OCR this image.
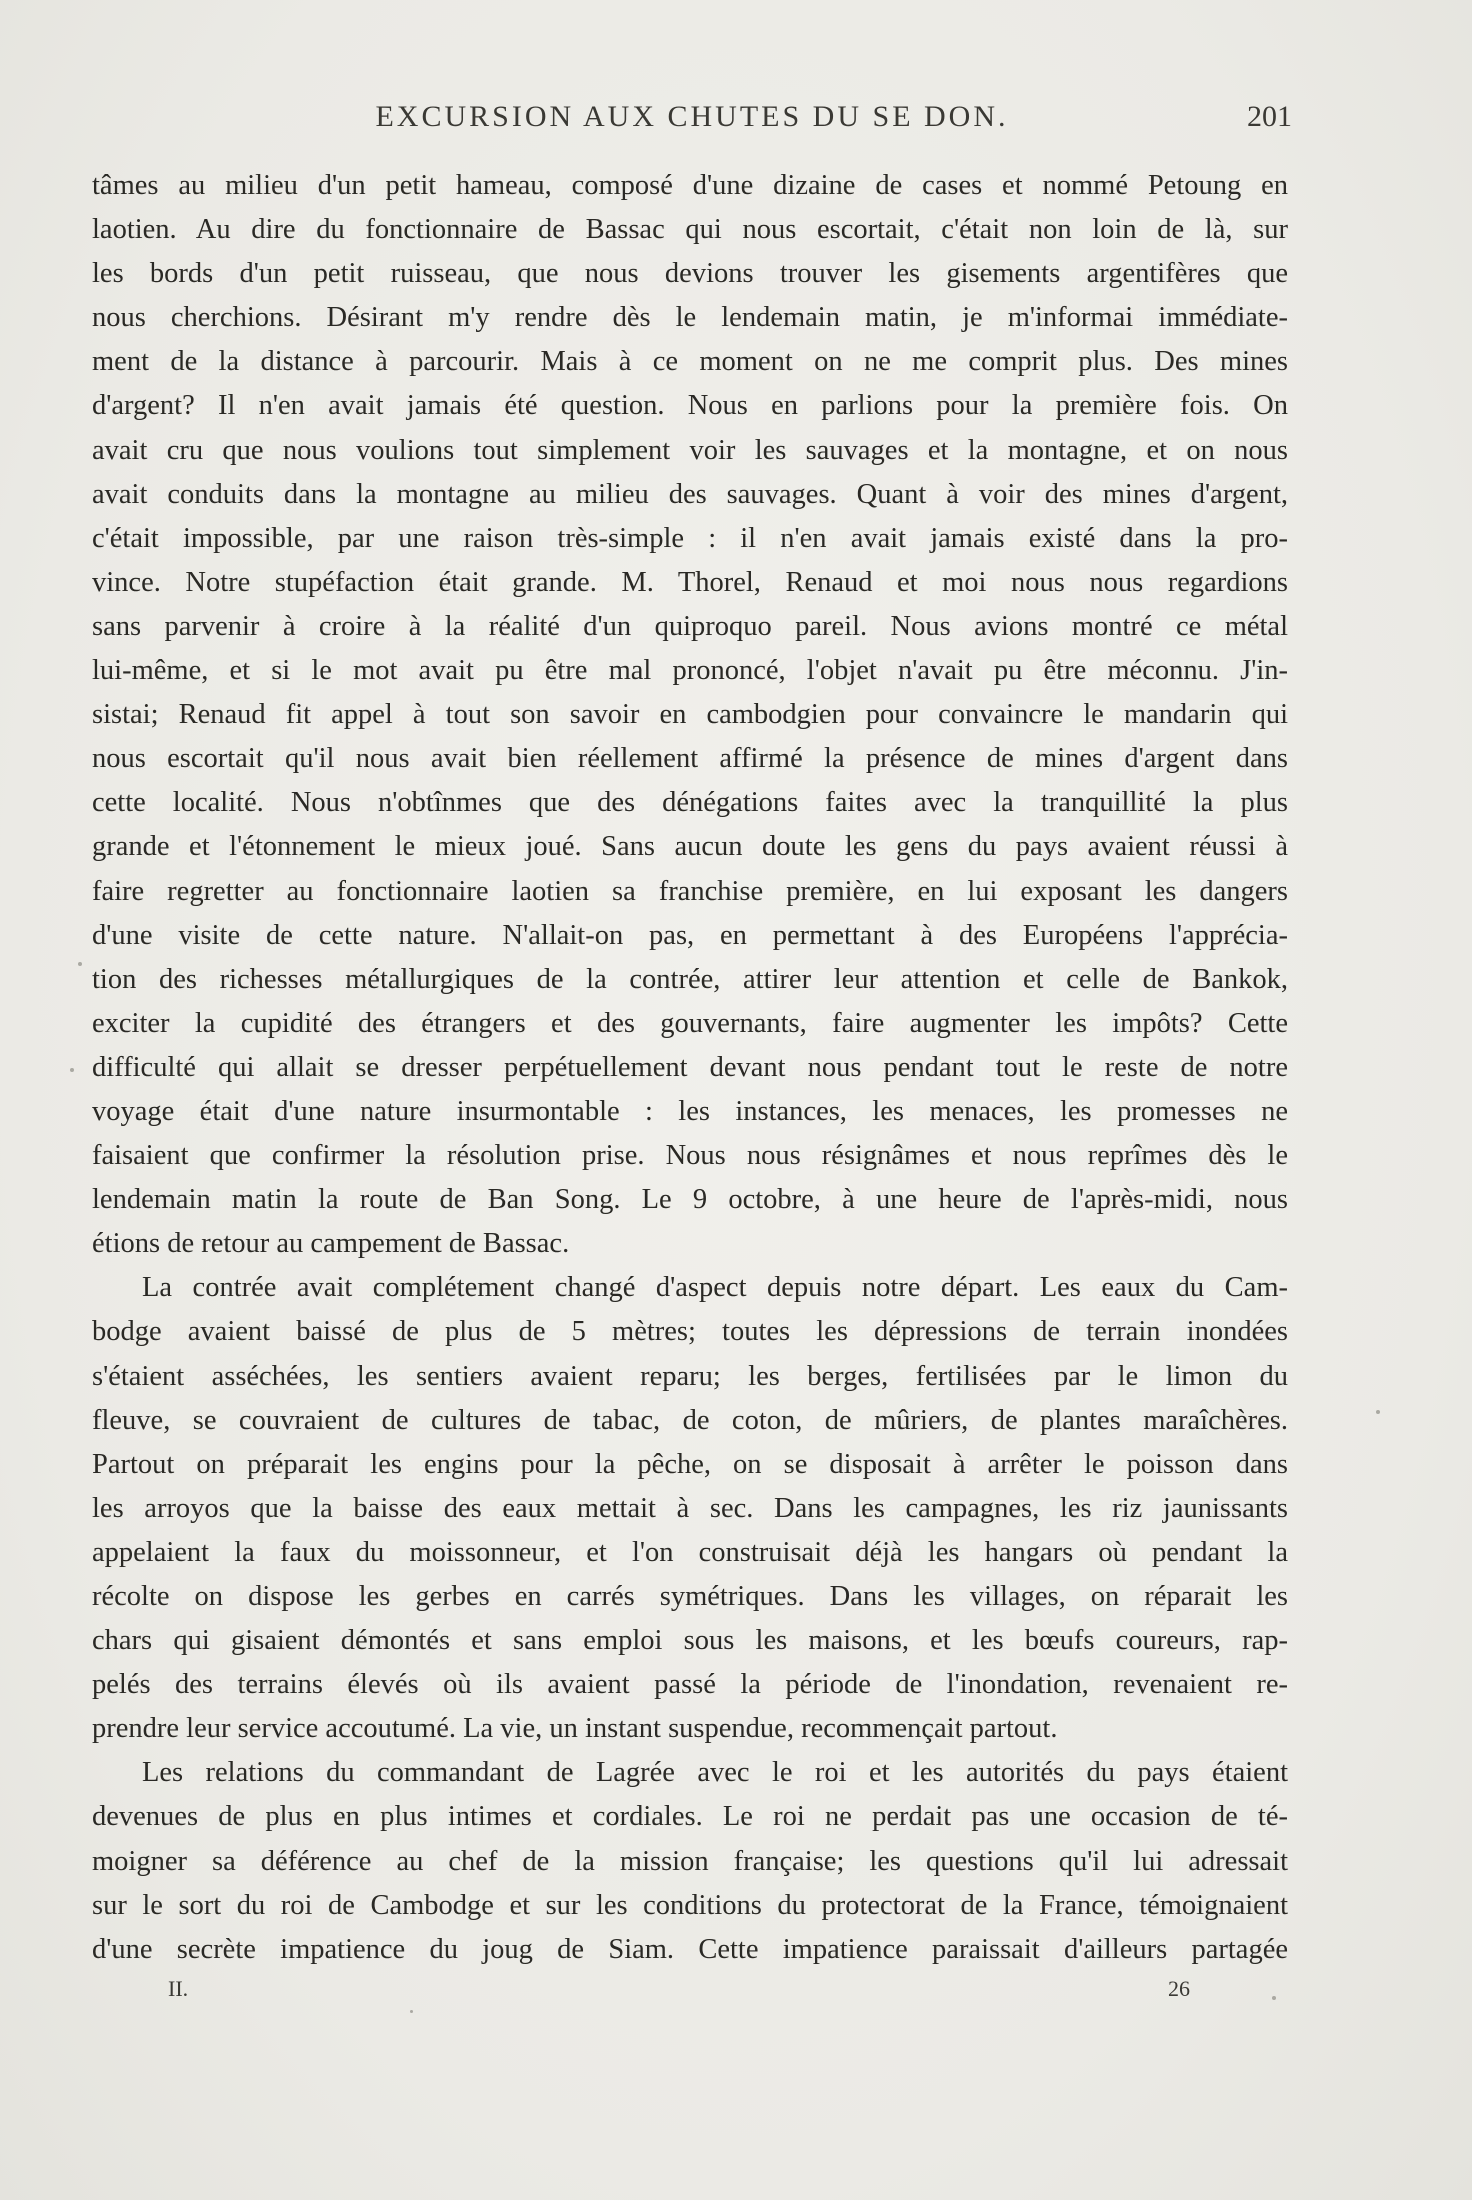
EXCURSION AUX CHUTES DU SE DON.	201
tâmes au milieu d'un petit hameau, composé d'une dizaine de cases et nommé Petoung en
laotien. Au dire du fonctionnaire de Bassac qui nous escortait, c'était non loin de là, sur
les bords d'un petit ruisseau, que nous devions trouver les gisements argentifères que
nous cherchions. Désirant m'y rendre dès le lendemain matin, je m'informai immédiate-
ment de la distance à parcourir. Mais à ce moment on ne me comprit plus. Des mines
d'argent? Il n'en avait jamais été question. Nous en parlions pour la première fois. On
avait cru que nous voulions tout simplement voir les sauvages et la montagne, et on nous
avait conduits dans la montagne au milieu des sauvages. Quant à voir des mines d'argent,
c'était impossible, par une raison très-simple : il n'en avait jamais existé dans la pro-
vince. Notre stupéfaction était grande. M. Thorel, Renaud et moi nous nous regardions
sans parvenir à croire à la réalité d'un quiproquo pareil. Nous avions montré ce métal
lui-même, et si le mot avait pu être mal prononcé, l'objet n'avait pu être méconnu. J'in-
sistai; Renaud fit appel à tout son savoir en cambodgien pour convaincre le mandarin qui
nous escortait qu'il nous avait bien réellement affirmé la présence de mines d'argent dans
cette localité. Nous n'obtînmes que des dénégations faites avec la tranquillité la plus
grande et l'étonnement le mieux joué. Sans aucun doute les gens du pays avaient réussi à
faire regretter au fonctionnaire laotien sa franchise première, en lui exposant les dangers
d'une visite de cette nature. N'allait-on pas, en permettant à des Européens l'apprécia-
tion des richesses métallurgiques de la contrée, attirer leur attention et celle de Bankok,
exciter la cupidité des étrangers et des gouvernants, faire augmenter les impôts? Cette
difficulté qui allait se dresser perpétuellement devant nous pendant tout le reste de notre
voyage était d'une nature insurmontable : les instances, les menaces, les promesses ne
faisaient que confirmer la résolution prise. Nous nous résignâmes et nous reprîmes dès le
lendemain matin la route de Ban Song. Le 9 octobre, à une heure de l'après-midi, nous
étions de retour au campement de Bassac.
La contrée avait complétement changé d'aspect depuis notre départ. Les eaux du Cam-
bodge avaient baissé de plus de 5 mètres; toutes les dépressions de terrain inondées
s'étaient asséchées, les sentiers avaient reparu; les berges, fertilisées par le limon du
fleuve, se couvraient de cultures de tabac, de coton, de mûriers, de plantes maraîchères.
Partout on préparait les engins pour la pêche, on se disposait à arrêter le poisson dans
les arroyos que la baisse des eaux mettait à sec. Dans les campagnes, les riz jaunissants
appelaient la faux du moissonneur, et l'on construisait déjà les hangars où pendant la
récolte on dispose les gerbes en carrés symétriques. Dans les villages, on réparait les
chars qui gisaient démontés et sans emploi sous les maisons, et les bœufs coureurs, rap-
pelés des terrains élevés où ils avaient passé la période de l'inondation, revenaient re-
prendre leur service accoutumé. La vie, un instant suspendue, recommençait partout.
Les relations du commandant de Lagrée avec le roi et les autorités du pays étaient
devenues de plus en plus intimes et cordiales. Le roi ne perdait pas une occasion de té-
moigner sa déférence au chef de la mission française; les questions qu'il lui adressait
sur le sort du roi de Cambodge et sur les conditions du protectorat de la France, témoignaient
d'une secrète impatience du joug de Siam. Cette impatience paraissait d'ailleurs partagée
II.	26
